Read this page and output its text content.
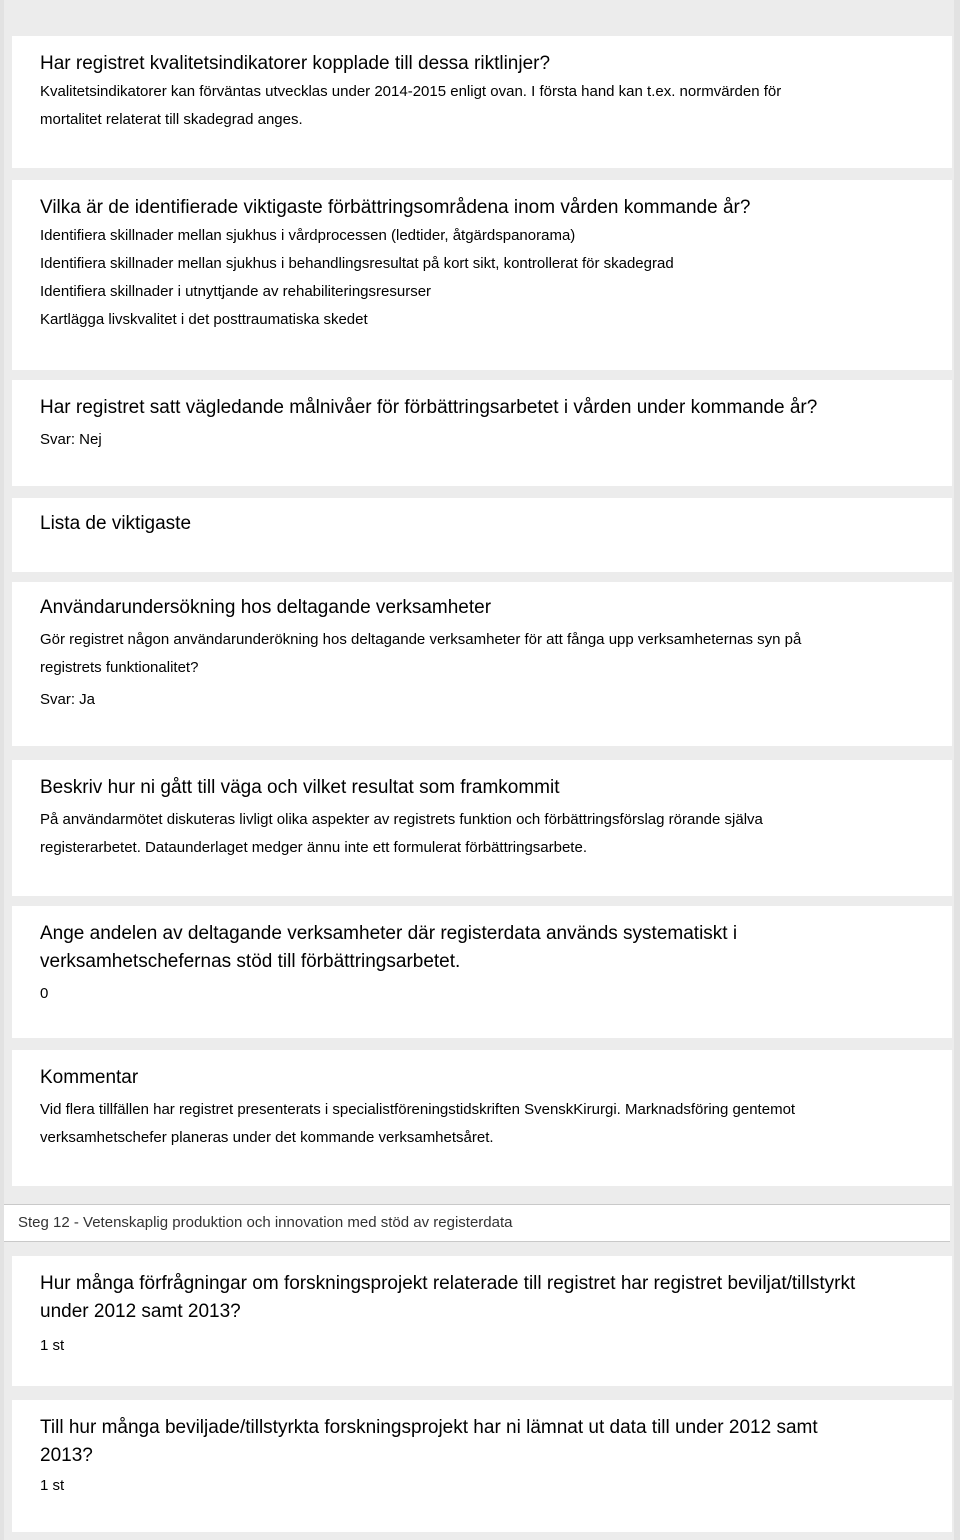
Har registret kvalitetsindikatorer kopplade till dessa riktlinjer?

Kvalitetsindikatorer kan förväntas utvecklas under 2014-2015 enligt ovan. I första hand kan t.ex. normvärden för

mortalitet relaterat till skadegrad anges.

Vilka är de identifierade viktigaste förbättringsområdena inom vården kommande år?

Identifiera skillnader mellan sjukhus i vårdprocessen (ledtider, åtgärdspanorama)

Identifiera skillnader mellan sjukhus i behandlingsresultat på kort sikt, kontrollerat för skadegrad

Identifiera skillnader i utnyttjande av rehabiliteringsresurser

Kartlägga livskvalitet i det posttraumatiska skedet

Har registret satt vägledande målnivåer för förbättringsarbetet i vården under kommande år?

Svar: Nej

Lista de viktigaste

Användarundersökning hos deltagande verksamheter

Gör registret någon användarunderökning hos deltagande verksamheter för att fånga upp verksamheternas syn på

registrets funktionalitet?

Svar: Ja

Beskriv hur ni gått till väga och vilket resultat som framkommit

På användarmötet diskuteras livligt olika aspekter av registrets funktion och förbättringsförslag rörande själva

registerarbetet. Dataunderlaget medger ännu inte ett formulerat förbättringsarbete.

Ange andelen av deltagande verksamheter där registerdata används systematiskt i

verksamhetschefernas stöd till förbättringsarbetet.

0

Kommentar

Vid flera tillfällen har registret presenterats i specialistföreningstidskriften SvenskKirurgi. Marknadsföring gentemot

verksamhetschefer planeras under det kommande verksamhetsåret.

Steg 12 - Vetenskaplig produktion och innovation med stöd av registerdata

Hur många förfrågningar om forskningsprojekt relaterade till registret har registret beviljat/tillstyrkt

under 2012 samt 2013?

1 st

Till hur många beviljade/tillstyrkta forskningsprojekt har ni lämnat ut data till under 2012 samt

2013?

1 st
